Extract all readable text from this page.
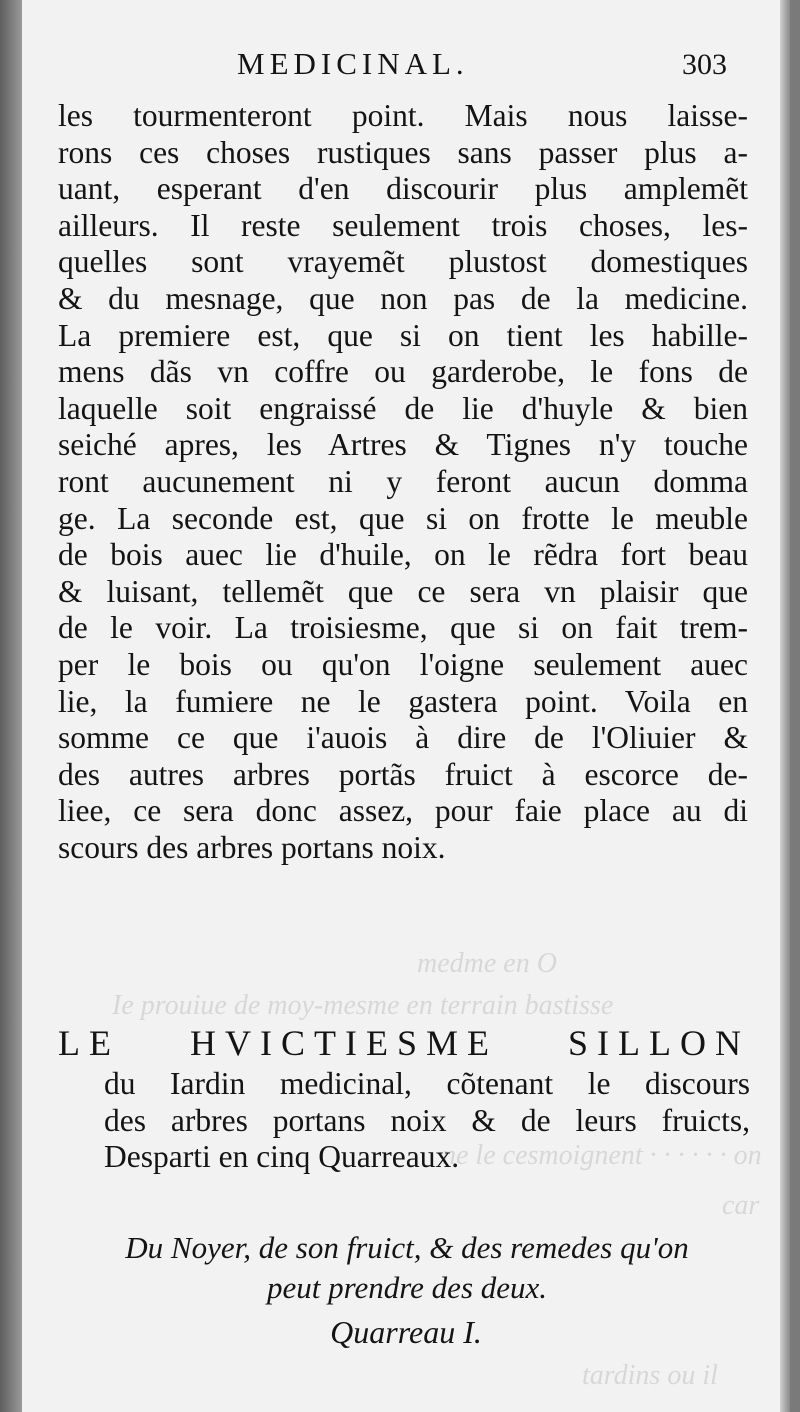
medme en O
Ie prouiue de moy-mesme en terrain bastisse
ne le cesmoignent · · · · · · on
car
tardins ou il
MEDICINAL.	303
les tourmenteront point. Mais nous laisse-
rons ces choses rustiques sans passer plus a-
uant, esperant d'en discourir plus amplemẽt
ailleurs. Il reste seulement trois choses, les-
quelles sont vrayemẽt plustost domestiques
& du mesnage, que non pas de la medicine.
La premiere est, que si on tient les habille-
mens dãs vn coffre ou garderobe, le fons de
laquelle soit engraissé de lie d'huyle & bien
seiché apres, les Artres & Tignes n'y touche
ront aucunement ni y feront aucun domma
ge. La seconde est, que si on frotte le meuble
de bois auec lie d'huile, on le rẽdra fort beau
& luisant, tellemẽt que ce sera vn plaisir que
de le voir. La troisiesme, que si on fait trem-
per le bois ou qu'on l'oigne seulement auec
lie, la fumiere ne le gastera point. Voila en
somme ce que i'auois à dire de l'Oliuier &
des autres arbres portãs fruict à escorce de-
liee, ce sera donc assez, pour faie place au di
scours des arbres portans noix.
LE HVICTIESME SILLON
du Iardin medicinal, cõtenant le discours
des arbres portans noix & de leurs fruicts,
Desparti en cinq Quarreaux.
Du Noyer, de son fruict, & des remedes qu'on
peut prendre des deux.
Quarreau I.
